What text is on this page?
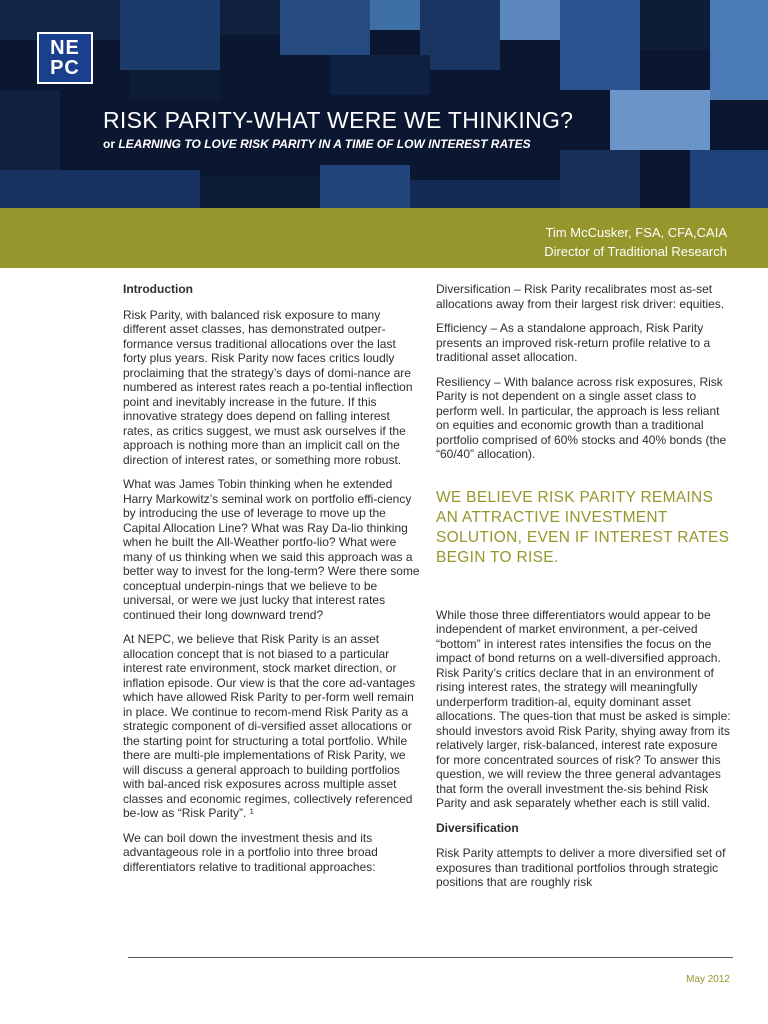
NE
PC
RISK PARITY-WHAT WERE WE THINKING?
or LEARNING TO LOVE RISK PARITY IN A TIME OF LOW INTEREST RATES
Tim McCusker, FSA, CFA,CAIA
Director of Traditional Research
Introduction

Risk Parity, with balanced risk exposure to many different asset classes, has demonstrated outper-formance versus traditional allocations over the last forty plus years. Risk Parity now faces critics loudly proclaiming that the strategy’s days of domi-nance are numbered as interest rates reach a po-tential inflection point and inevitably increase in the future. If this innovative strategy does depend on falling interest rates, as critics suggest, we must ask ourselves if the approach is nothing more than an implicit call on the direction of interest rates, or something more robust.

What was James Tobin thinking when he extended Harry Markowitz’s seminal work on portfolio effi-ciency by introducing the use of leverage to move up the Capital Allocation Line? What was Ray Da-lio thinking when he built the All-Weather portfo-lio? What were many of us thinking when we said this approach was a better way to invest for the long-term? Were there some conceptual underpin-nings that we believe to be universal, or were we just lucky that interest rates continued their long downward trend?

At NEPC, we believe that Risk Parity is an asset allocation concept that is not biased to a particular interest rate environment, stock market direction, or inflation episode. Our view is that the core ad-vantages which have allowed Risk Parity to per-form well remain in place. We continue to recom-mend Risk Parity as a strategic component of di-versified asset allocations or the starting point for structuring a total portfolio. While there are multi-ple implementations of Risk Parity, we will discuss a general approach to building portfolios with bal-anced risk exposures across multiple asset classes and economic regimes, collectively referenced be-low as “Risk Parity”. ¹

We can boil down the investment thesis and its advantageous role in a portfolio into three broad differentiators relative to traditional approaches:

Diversification – Risk Parity recalibrates most as-set allocations away from their largest risk driver: equities.

Efficiency – As a standalone approach, Risk Parity presents an improved risk-return profile relative to a traditional asset allocation.

Resiliency – With balance across risk exposures, Risk Parity is not dependent on a single asset class to perform well. In particular, the approach is less reliant on equities and economic growth than a traditional portfolio comprised of 60% stocks and 40% bonds (the “60/40” allocation).

WE BELIEVE RISK PARITY REMAINS AN ATTRACTIVE INVESTMENT SOLUTION, EVEN IF INTEREST RATES BEGIN TO RISE.

While those three differentiators would appear to be independent of market environment, a per-ceived “bottom” in interest rates intensifies the focus on the impact of bond returns on a well-diversified approach. Risk Parity’s critics declare that in an environment of rising interest rates, the strategy will meaningfully underperform tradition-al, equity dominant asset allocations. The ques-tion that must be asked is simple: should investors avoid Risk Parity, shying away from its relatively larger, risk-balanced, interest rate exposure for more concentrated sources of risk? To answer this question, we will review the three general advantages that form the overall investment the-sis behind Risk Parity and ask separately whether each is still valid.

Diversification

Risk Parity attempts to deliver a more diversified set of exposures than traditional portfolios through strategic positions that are roughly risk

May 2012
